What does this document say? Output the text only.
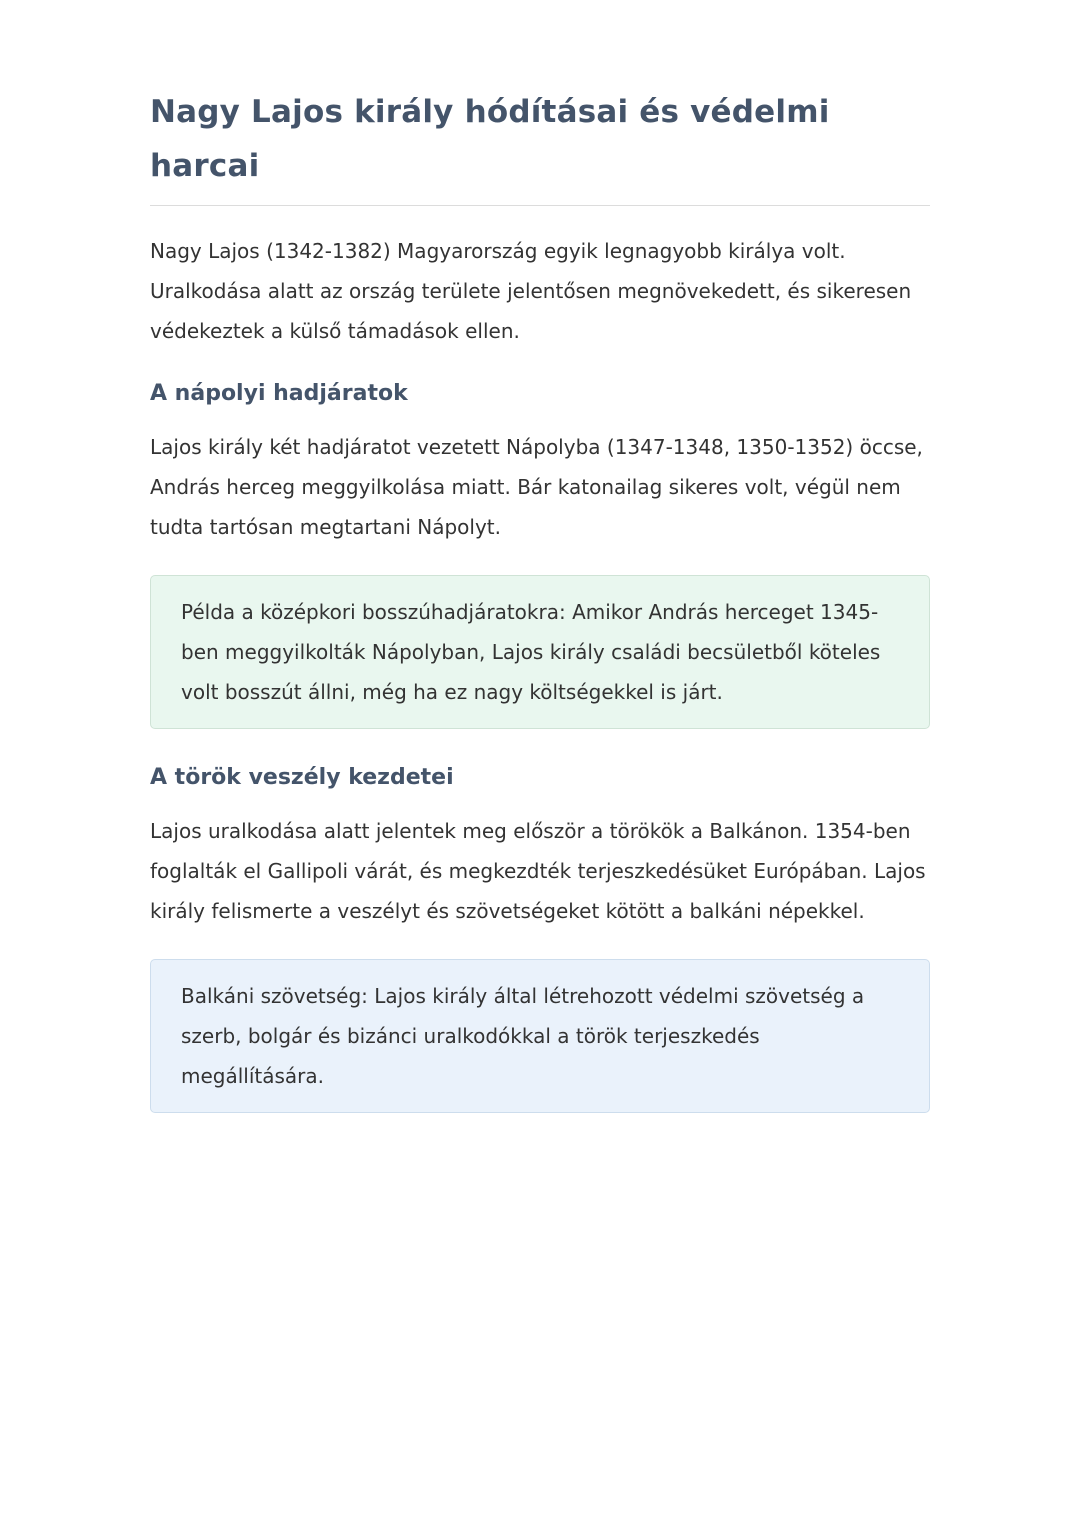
Nagy Lajos király hódításai és védelmi harcai

Nagy Lajos (1342-1382) Magyarország egyik legnagyobb királya volt. Uralkodása alatt az ország területe jelentősen megnövekedett, és sikeresen védekeztek a külső támadások ellen.

A nápolyi hadjáratok

Lajos király két hadjáratot vezetett Nápolyba (1347-1348, 1350-1352) öccse, András herceg meggyilkolása miatt. Bár katonailag sikeres volt, végül nem tudta tartósan megtartani Nápolyt.

Példa a középkori bosszúhadjáratokra: Amikor András herceget 1345-ben meggyilkolták Nápolyban, Lajos király családi becsületből köteles volt bosszút állni, még ha ez nagy költségekkel is járt.

A török veszély kezdetei

Lajos uralkodása alatt jelentek meg először a törökök a Balkánon. 1354-ben foglalták el Gallipoli várát, és megkezdték terjeszkedésüket Európában. Lajos király felismerte a veszélyt és szövetségeket kötött a balkáni népekkel.

Balkáni szövetség: Lajos király által létrehozott védelmi szövetség a szerb, bolgár és bizánci uralkodókkal a török terjeszkedés megállítására.
